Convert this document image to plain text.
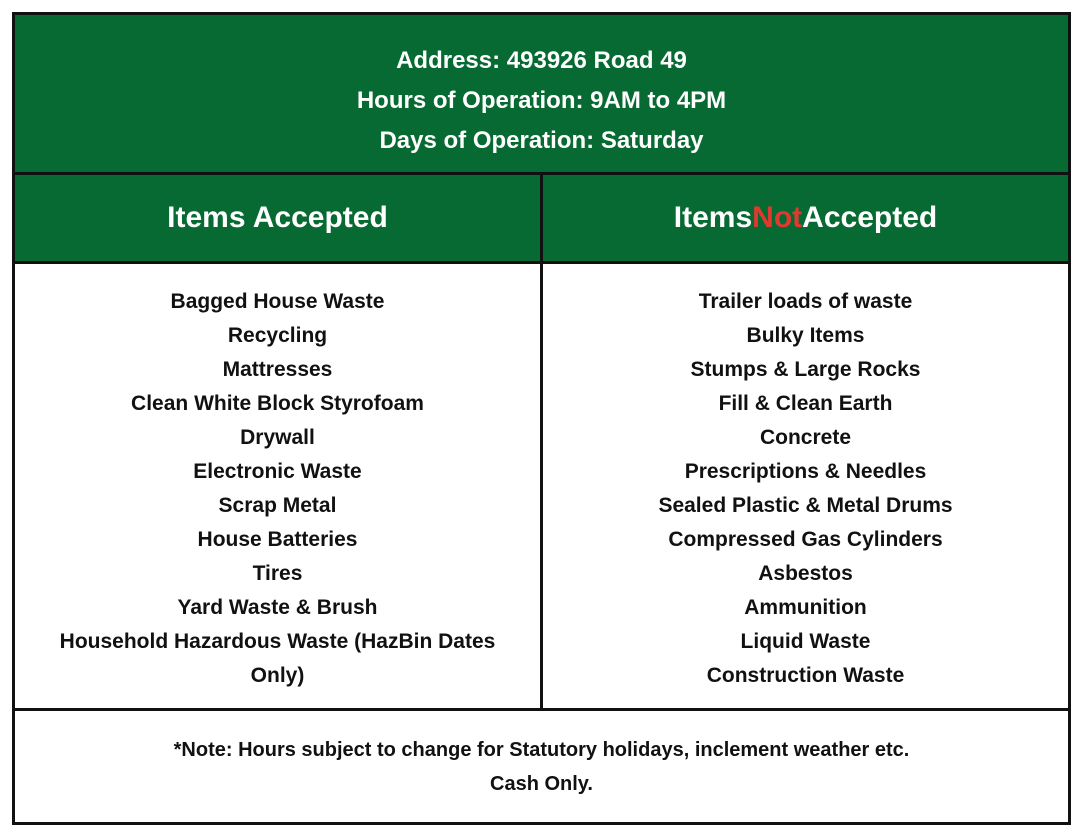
Address: 493926 Road 49
Hours of Operation: 9AM to 4PM
Days of Operation: Saturday
Items Accepted	Items Not Accepted
Bagged House Waste
Recycling
Mattresses
Clean White Block Styrofoam
Drywall
Electronic Waste
Scrap Metal
House Batteries
Tires
Yard Waste & Brush
Household Hazardous Waste (HazBin Dates Only)
Trailer loads of waste
Bulky Items
Stumps & Large Rocks
Fill & Clean Earth
Concrete
Prescriptions & Needles
Sealed Plastic & Metal Drums
Compressed Gas Cylinders
Asbestos
Ammunition
Liquid Waste
Construction Waste
*Note: Hours subject to change for Statutory holidays, inclement weather etc.
Cash Only.
